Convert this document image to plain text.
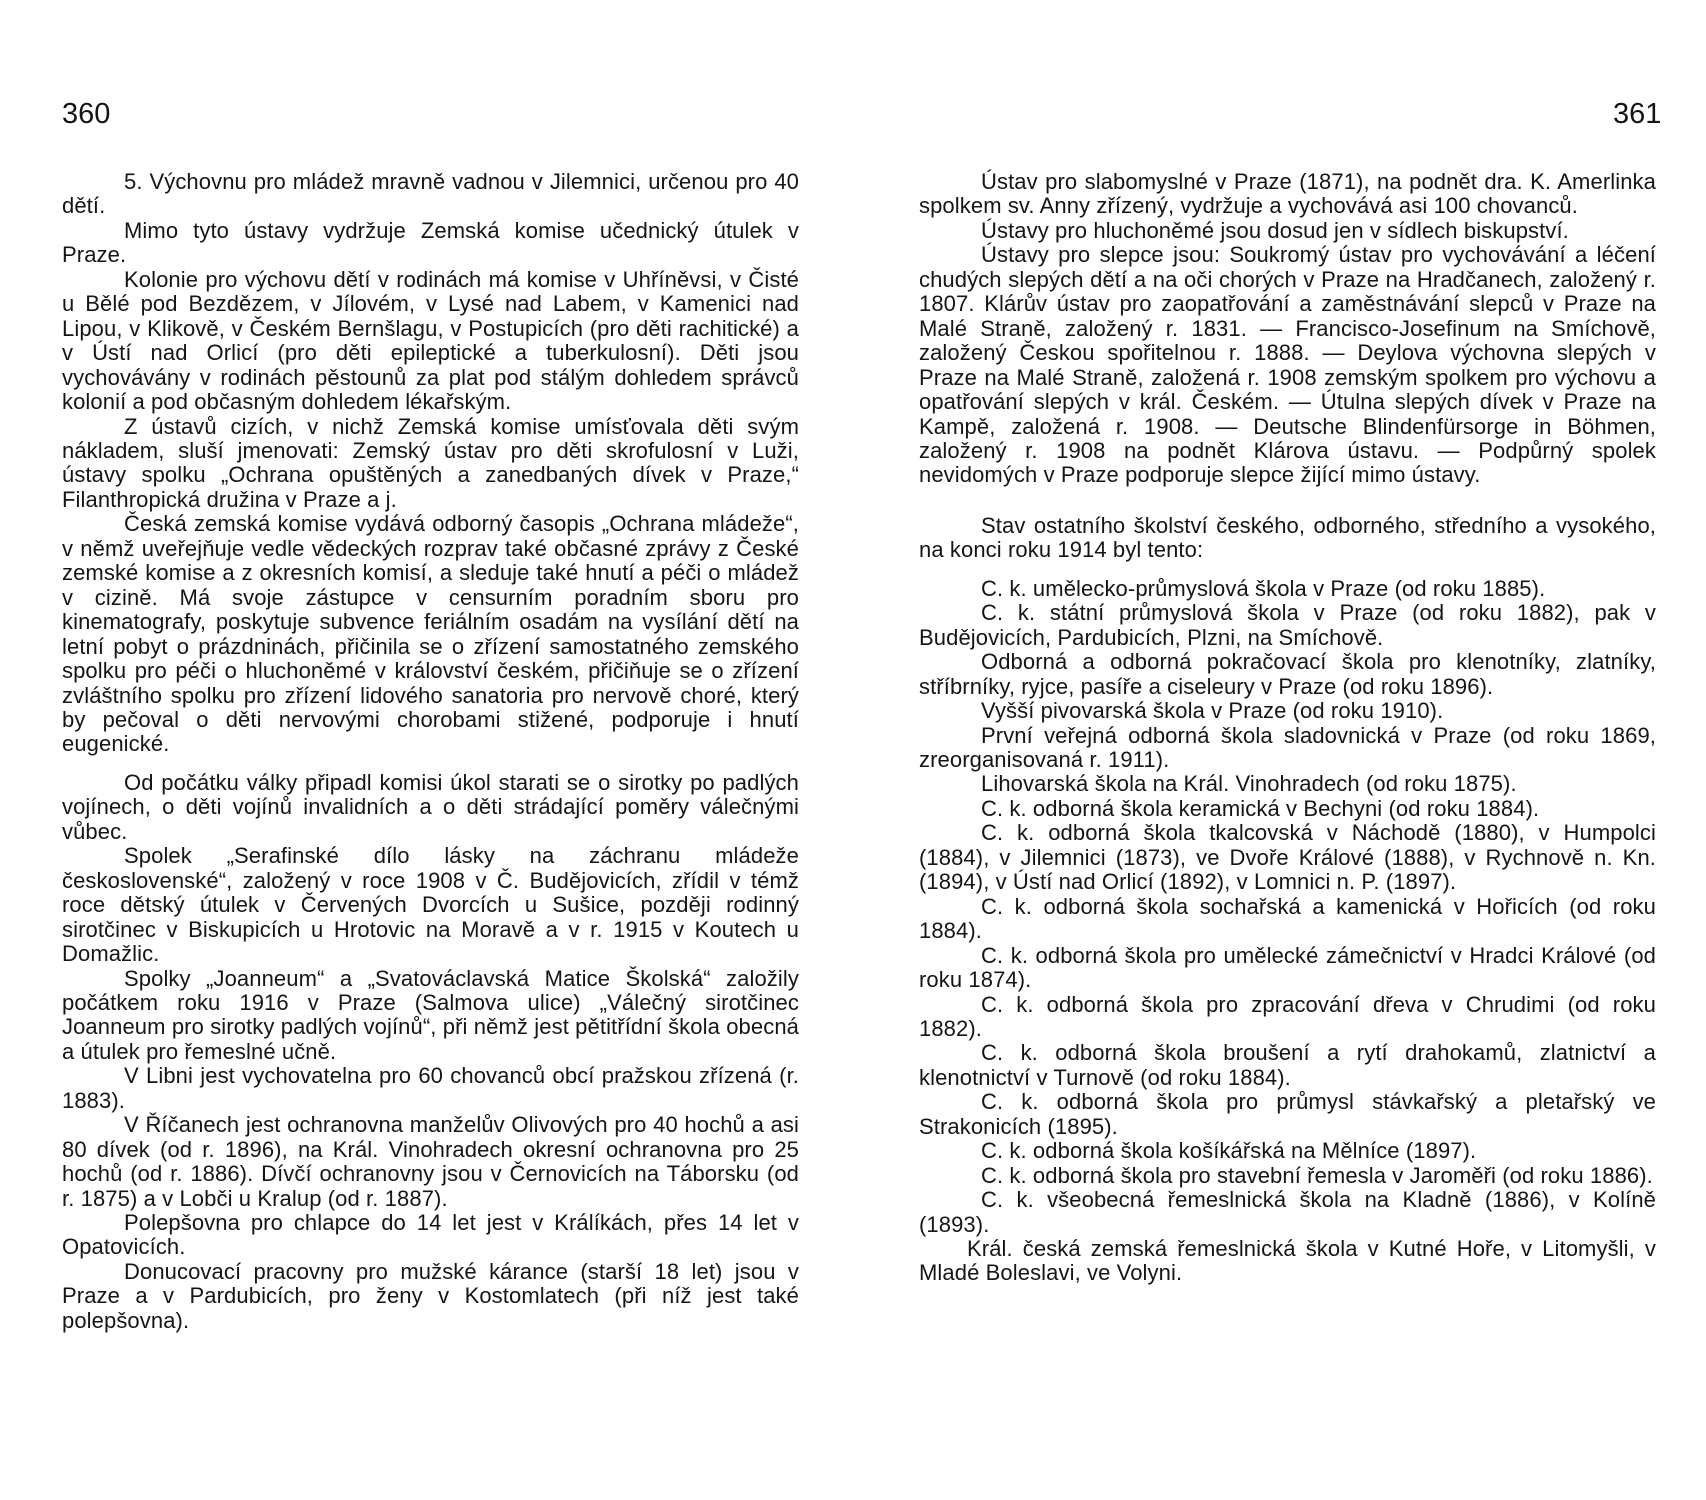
360	361

5. Výchovnu pro mládež mravně vadnou v Jilemnici, určenou pro 40 dětí.

Mimo tyto ústavy vydržuje Zemská komise učednický útulek v Praze.

Kolonie pro výchovu dětí v rodinách má komise v Uhříněvsi, v Čisté u Bělé pod Bezdězem, v Jílovém, v Lysé nad Labem, v Kamenici nad Lipou, v Klikově, v Českém Bernšlagu, v Postupicích (pro děti rachitické) a v Ústí nad Orlicí (pro děti epileptické a tuberkulosní). Děti jsou vychovávány v rodinách pěstounů za plat pod stálým dohledem správců kolonií a pod občasným dohledem lékařským.

Z ústavů cizích, v nichž Zemská komise umísťovala děti svým nákladem, sluší jmenovati: Zemský ústav pro děti skrofulosní v Luži, ústavy spolku „Ochrana opuštěných a zanedbaných dívek v Praze,“ Filanthropická družina v Praze a j.

Česká zemská komise vydává odborný časopis „Ochrana mládeže“, v němž uveřejňuje vedle vědeckých rozprav také občasné zprávy z České zemské komise a z okresních komisí, a sleduje také hnutí a péči o mládež v cizině. Má svoje zástupce v censurním poradním sboru pro kinematografy, poskytuje subvence feriálním osadám na vysílání dětí na letní pobyt o prázdninách, přičinila se o zřízení samostatného zemského spolku pro péči o hluchoněmé v království českém, přičiňuje se o zřízení zvláštního spolku pro zřízení lidového sanatoria pro nervově choré, který by pečoval o děti nervovými chorobami stižené, podporuje i hnutí eugenické.

Od počátku války připadl komisi úkol starati se o sirotky po padlých vojínech, o děti vojínů invalidních a o děti strádající poměry válečnými vůbec.

Spolek „Serafinské dílo lásky na záchranu mládeže československé“, založený v roce 1908 v Č. Budějovicích, zřídil v témž roce dětský útulek v Červených Dvorcích u Sušice, později rodinný sirotčinec v Biskupicích u Hrotovic na Moravě a v r. 1915 v Koutech u Domažlic.

Spolky „Joanneum“ a „Svatováclavská Matice Školská“ založily počátkem roku 1916 v Praze (Salmova ulice) „Válečný sirotčinec Joanneum pro sirotky padlých vojínů“, při němž jest pětitřídní škola obecná a útulek pro řemeslné učně.

V Libni jest vychovatelna pro 60 chovanců obcí pražskou zřízená (r. 1883).

V Říčanech jest ochranovna manželův Olivových pro 40 hochů a asi 80 dívek (od r. 1896), na Král. Vinohradech okresní ochranovna pro 25 hochů (od r. 1886). Dívčí ochranovny jsou v Černovicích na Táborsku (od r. 1875) a v Lobči u Kralup (od r. 1887).

Polepšovna pro chlapce do 14 let jest v Králíkách, přes 14 let v Opatovicích.

Donucovací pracovny pro mužské kárance (starší 18 let) jsou v Praze a v Pardubicích, pro ženy v Kostomlatech (při níž jest také polepšovna).

Ústav pro slabomyslné v Praze (1871), na podnět dra. K. Amerlinka spolkem sv. Anny zřízený, vydržuje a vychovává asi 100 chovanců.

Ústavy pro hluchoněmé jsou dosud jen v sídlech biskupství.

Ústavy pro slepce jsou: Soukromý ústav pro vychovávání a léčení chudých slepých dětí a na oči chorých v Praze na Hradčanech, založený r. 1807. Klárův ústav pro zaopatřování a zaměstnávání slepců v Praze na Malé Straně, založený r. 1831. — Francisco-Josefinum na Smíchově, založený Českou spořitelnou r. 1888. — Deylova výchovna slepých v Praze na Malé Straně, založená r. 1908 zemským spolkem pro výchovu a opatřování slepých v král. Českém. — Útulna slepých dívek v Praze na Kampě, založená r. 1908. — Deutsche Blindenfürsorge in Böhmen, založený r. 1908 na podnět Klárova ústavu. — Podpůrný spolek nevidomých v Praze podporuje slepce žijící mimo ústavy.

Stav ostatního školství českého, odborného, středního a vysokého, na konci roku 1914 byl tento:

C. k. umělecko-průmyslová škola v Praze (od roku 1885).

C. k. státní průmyslová škola v Praze (od roku 1882), pak v Budějovicích, Pardubicích, Plzni, na Smíchově.

Odborná a odborná pokračovací škola pro klenotníky, zlatníky, stříbrníky, ryjce, pasíře a ciseleury v Praze (od roku 1896).

Vyšší pivovarská škola v Praze (od roku 1910).

První veřejná odborná škola sladovnická v Praze (od roku 1869, zreorganisovaná r. 1911).

Lihovarská škola na Král. Vinohradech (od roku 1875).

C. k. odborná škola keramická v Bechyni (od roku 1884).

C. k. odborná škola tkalcovská v Náchodě (1880), v Humpolci (1884), v Jilemnici (1873), ve Dvoře Králové (1888), v Rychnově n. Kn. (1894), v Ústí nad Orlicí (1892), v Lomnici n. P. (1897).

C. k. odborná škola sochařská a kamenická v Hořicích (od roku 1884).

C. k. odborná škola pro umělecké zámečnictví v Hradci Králové (od roku 1874).

C. k. odborná škola pro zpracování dřeva v Chrudimi (od roku 1882).

C. k. odborná škola broušení a rytí drahokamů, zlatnictví a klenotnictví v Turnově (od roku 1884).

C. k. odborná škola pro průmysl stávkařský a pletařský ve Strakonicích (1895).

C. k. odborná škola košíkářská na Mělníce (1897).

C. k. odborná škola pro stavební řemesla v Jaroměři (od roku 1886).

C. k. všeobecná řemeslnická škola na Kladně (1886), v Kolíně (1893).

Král. česká zemská řemeslnická škola v Kutné Hoře, v Litomyšli, v Mladé Boleslavi, ve Volyni.
